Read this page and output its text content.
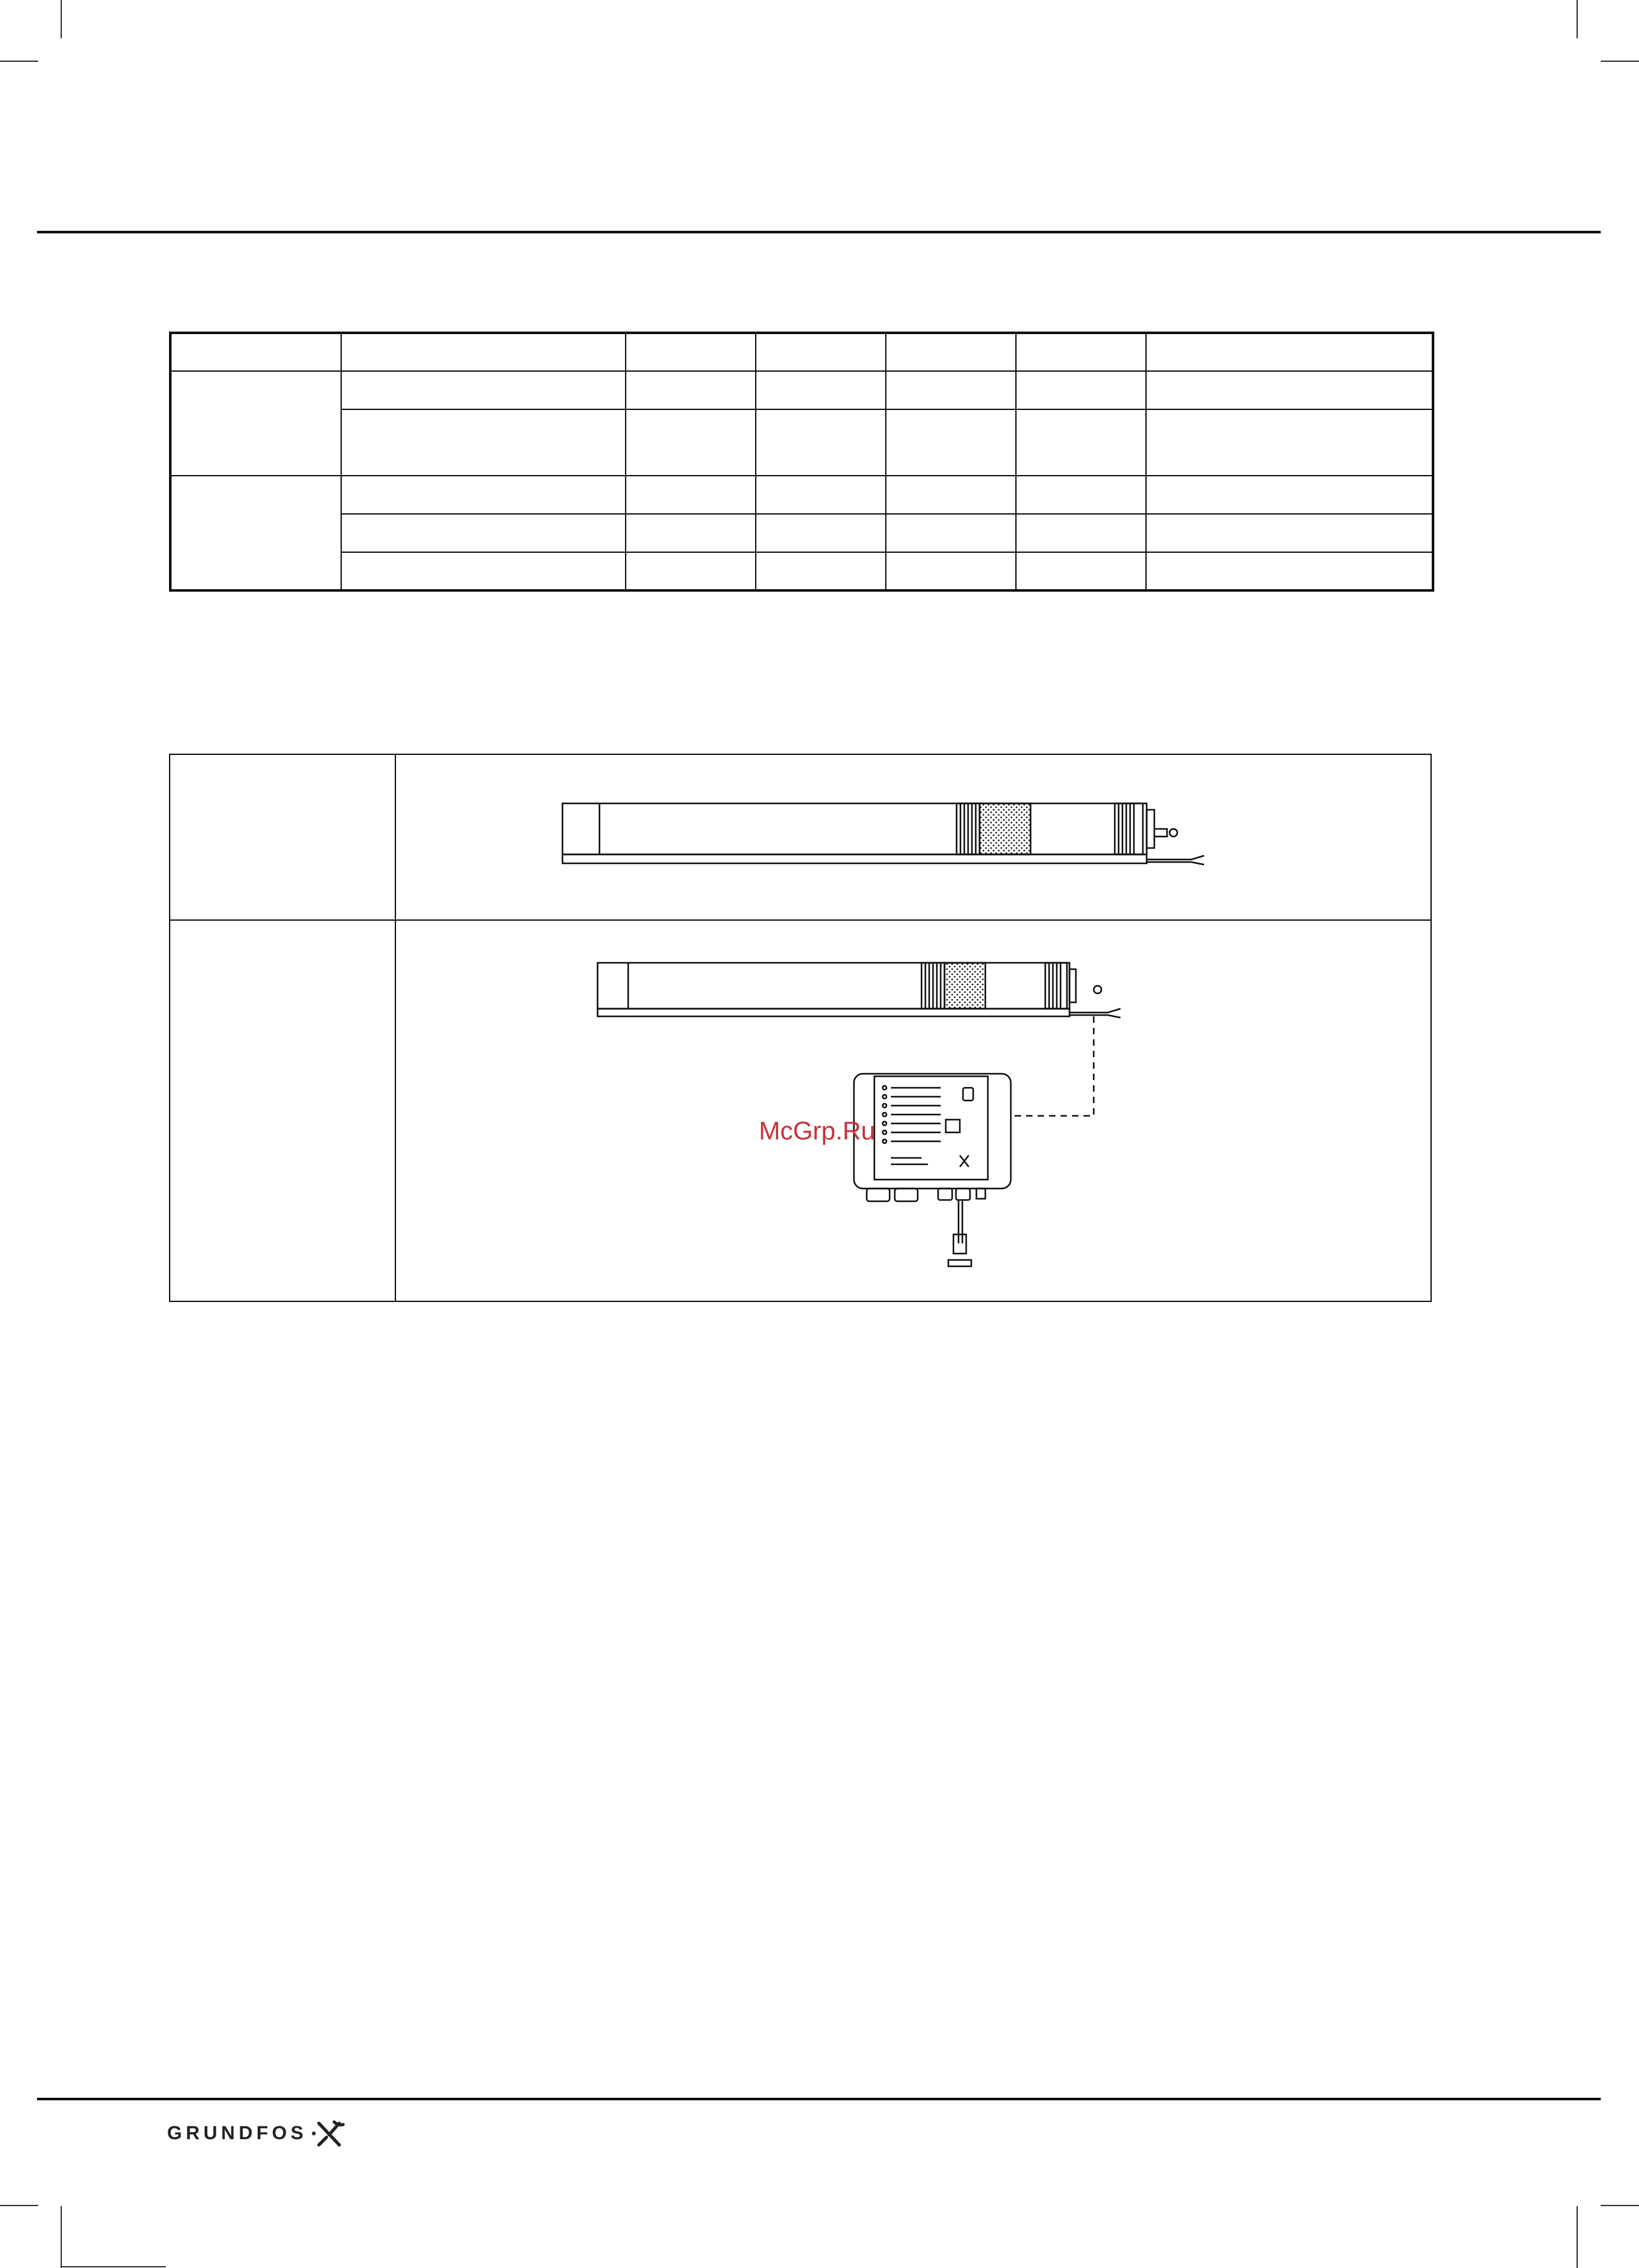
McGrp.Ru
GRUNDFOS
